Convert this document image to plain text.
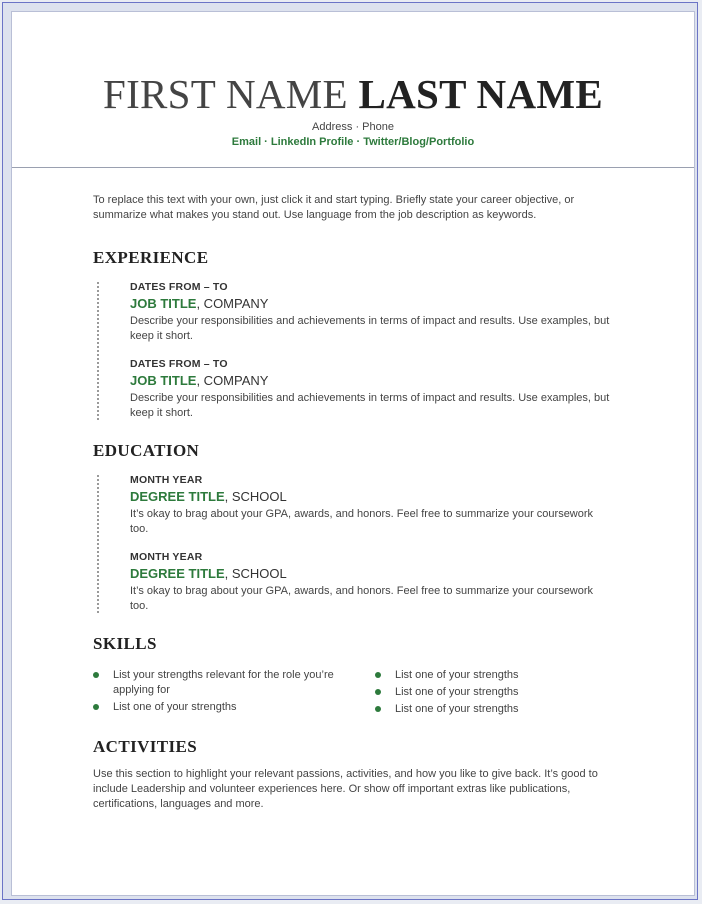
FIRST NAME LAST NAME
Address · Phone
Email · LinkedIn Profile · Twitter/Blog/Portfolio
To replace this text with your own, just click it and start typing. Briefly state your career objective, or summarize what makes you stand out. Use language from the job description as keywords.
EXPERIENCE
DATES FROM – TO
JOB TITLE, COMPANY
Describe your responsibilities and achievements in terms of impact and results. Use examples, but keep it short.
DATES FROM – TO
JOB TITLE, COMPANY
Describe your responsibilities and achievements in terms of impact and results. Use examples, but keep it short.
EDUCATION
MONTH YEAR
DEGREE TITLE, SCHOOL
It’s okay to brag about your GPA, awards, and honors. Feel free to summarize your coursework too.
MONTH YEAR
DEGREE TITLE, SCHOOL
It’s okay to brag about your GPA, awards, and honors. Feel free to summarize your coursework too.
SKILLS
List your strengths relevant for the role you’re applying for
List one of your strengths
List one of your strengths
List one of your strengths
List one of your strengths
ACTIVITIES
Use this section to highlight your relevant passions, activities, and how you like to give back. It’s good to include Leadership and volunteer experiences here. Or show off important extras like publications, certifications, languages and more.
